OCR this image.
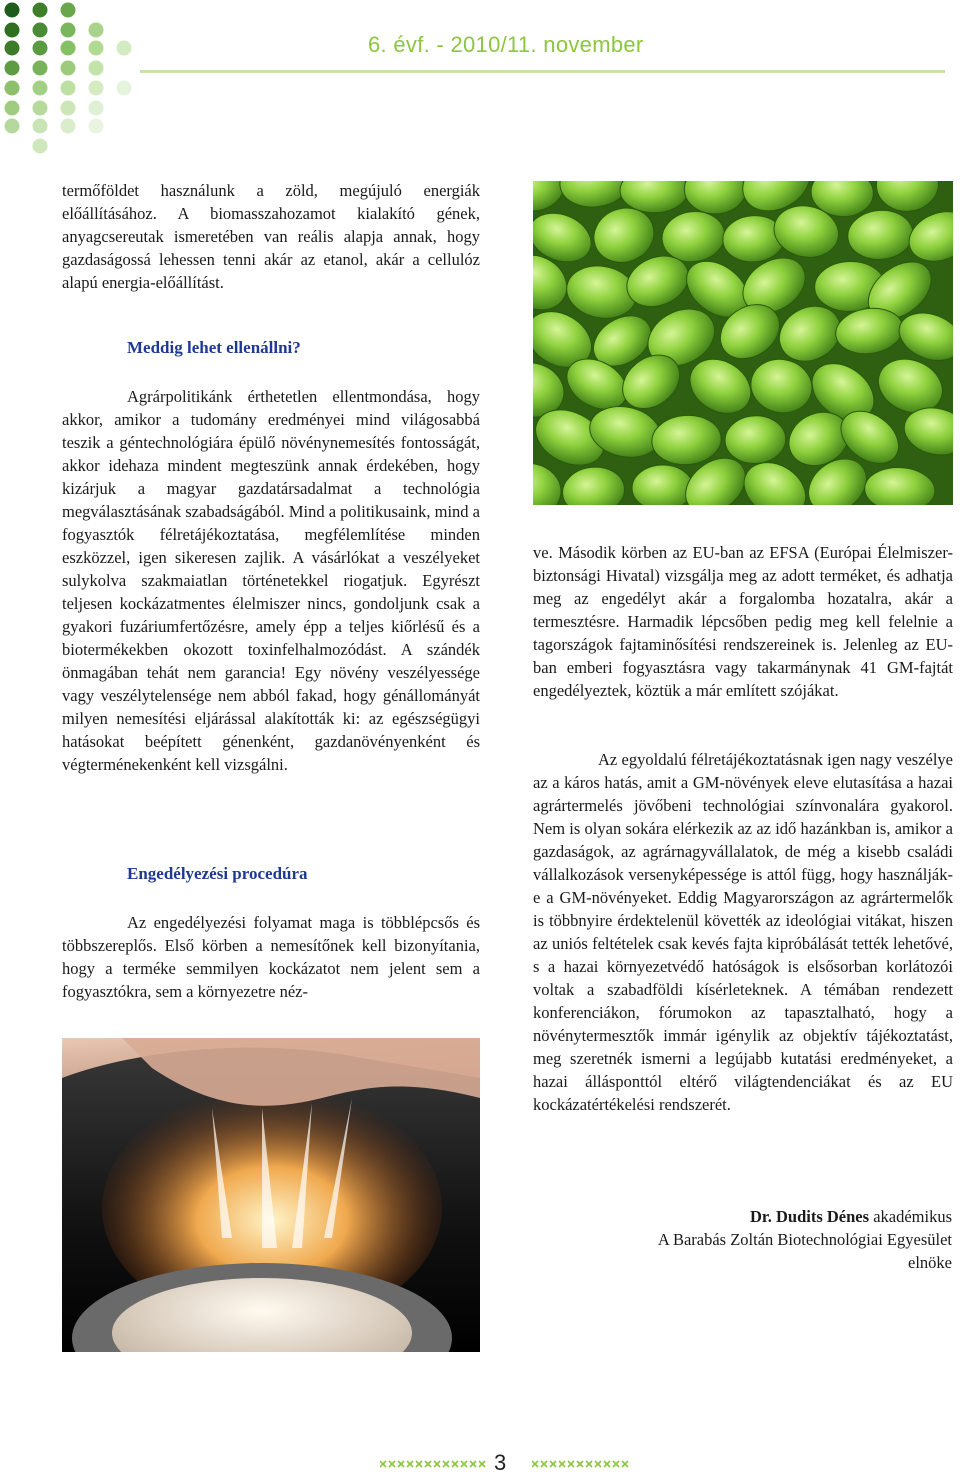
6. évf. - 2010/11. november

termőföldet használunk a zöld, megújuló energiák előállításához. A biomasszahozamot kialakító gének, anyagcsereutak ismeretében van reális alapja annak, hogy gazdaságossá lehessen tenni akár az etanol, akár a cellulóz alapú energia-előállítást.

Meddig lehet ellenállni?

Agrárpolitikánk érthetetlen ellentmondása, hogy akkor, amikor a tudomány eredményei mind világosabbá teszik a géntechnológiára épülő növénynemesítés fontosságát, akkor idehaza mindent megteszünk annak érdekében, hogy kizárjuk a magyar gazdatársadalmat a technológia megválasztásának szabadságából. Mind a politikusaink, mind a fogyasztók félretájékoztatása, megfélemlítése minden eszközzel, igen sikeresen zajlik. A vásárlókat a veszélyeket sulykolva szakmaiatlan történetekkel riogatjuk. Egyrészt teljesen kockázatmentes élelmiszer nincs, gondoljunk csak a gyakori fuzáriumfertőzésre, amely épp a teljes kiőrlésű és a biotermékekben okozott toxinfelhalmozódást. A szándék önmagában tehát nem garancia! Egy növény veszélyessége vagy veszélytelensége nem abból fakad, hogy génállományát milyen nemesítési eljárással alakították ki: az egészségügyi hatásokat beépített génenként, gazdanövényenként és végterménekenként kell vizsgálni.

Engedélyezési procedúra

Az engedélyezési folyamat maga is többlépcsős és többszereplős. Első körben a nemesítőnek kell bizonyítania, hogy a terméke semmilyen kockázatot nem jelent sem a fogyasztókra, sem a környezetre néz-

ve. Második körben az EU-ban az EFSA (Európai Élelmiszer-biztonsági Hivatal) vizsgálja meg az adott terméket, és adhatja meg az engedélyt akár a forgalomba hozatalra, akár a termesztésre. Harmadik lépcsőben pedig meg kell felelnie a tagországok fajtaminősítési rendszereinek is. Jelenleg az EU-ban emberi fogyasztásra vagy takarmánynak 41 GM-fajtát engedélyeztek, köztük a már említett szójákat.

Az egyoldalú félretájékoztatásnak igen nagy veszélye az a káros hatás, amit a GM-növények eleve elutasítása a hazai agrártermelés jövőbeni technológiai színvonalára gyakorol. Nem is olyan sokára elérkezik az az idő hazánkban is, amikor a gazdaságok, az agrárnagyvállalatok, de még a kisebb családi vállalkozások versenyképessége is attól függ, hogy használják-e a GM-növényeket. Eddig Magyarországon az agrártermelők is többnyire érdektelenül követték az ideológiai vitákat, hiszen az uniós feltételek csak kevés fajta kipróbálását tették lehetővé, s a hazai környezetvédő hatóságok is elsősorban korlátozói voltak a szabadföldi kísérleteknek. A témában rendezett konferenciákon, fórumokon az tapasztalható, hogy a növénytermesztők immár igénylik az objektív tájékoztatást, meg szeretnék ismerni a legújabb kutatási eredményeket, a hazai állásponttól eltérő világtendenciákat és az EU kockázatértékelési rendszerét.

Dr. Dudits Dénes akadémikus
A Barabás Zoltán Biotechnológiai Egyesület
elnöke
3
